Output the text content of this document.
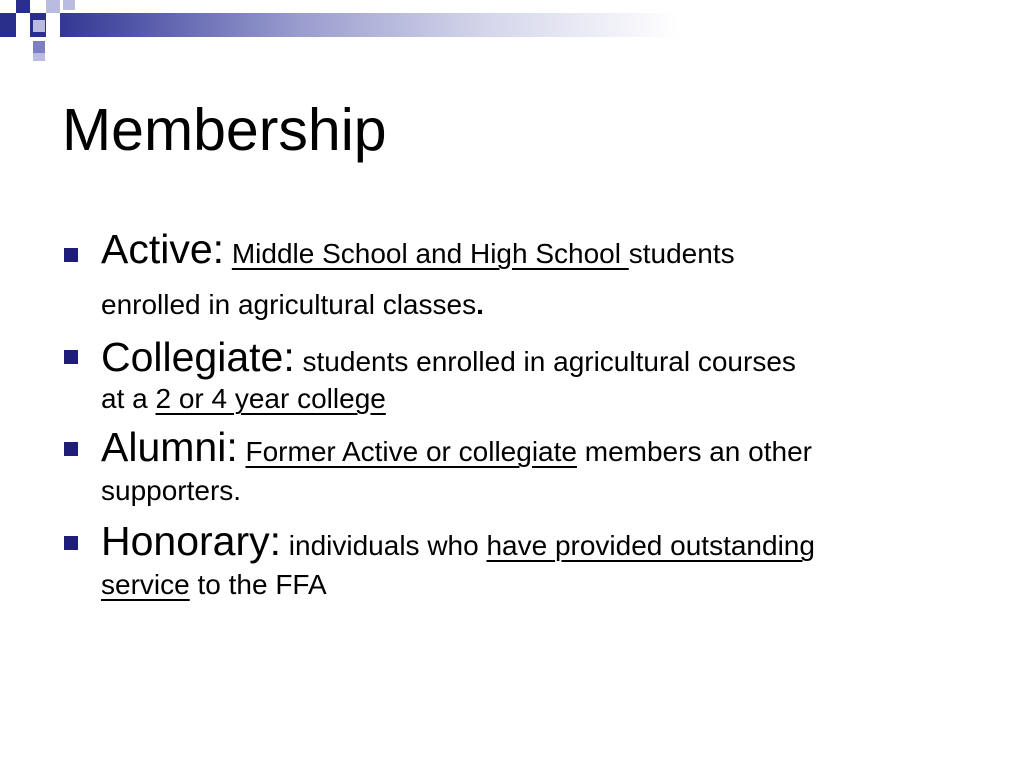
Membership
Active: Middle School and High School students
enrolled in agricultural classes.
Collegiate: students enrolled in agricultural courses
at a 2 or 4 year college
Alumni: Former Active or collegiate members an other
supporters.
Honorary: individuals who have provided outstanding
service to the FFA
